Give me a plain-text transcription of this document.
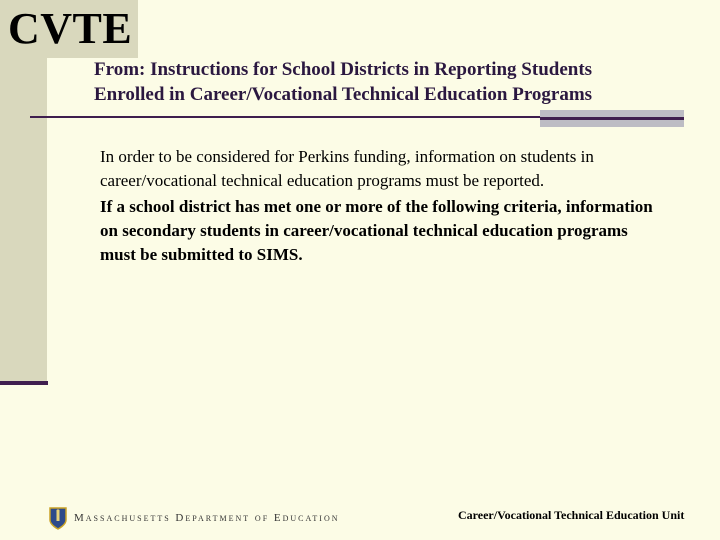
CVTE
From: Instructions for School Districts in Reporting Students
Enrolled in Career/Vocational Technical Education Programs

In order to be considered for Perkins funding, information on students in career/vocational technical education programs must be reported.

If a school district has met one or more of the following criteria, information on secondary students in career/vocational technical education programs must be submitted to SIMS.

Massachusetts Department of Education	Career/Vocational Technical Education Unit
